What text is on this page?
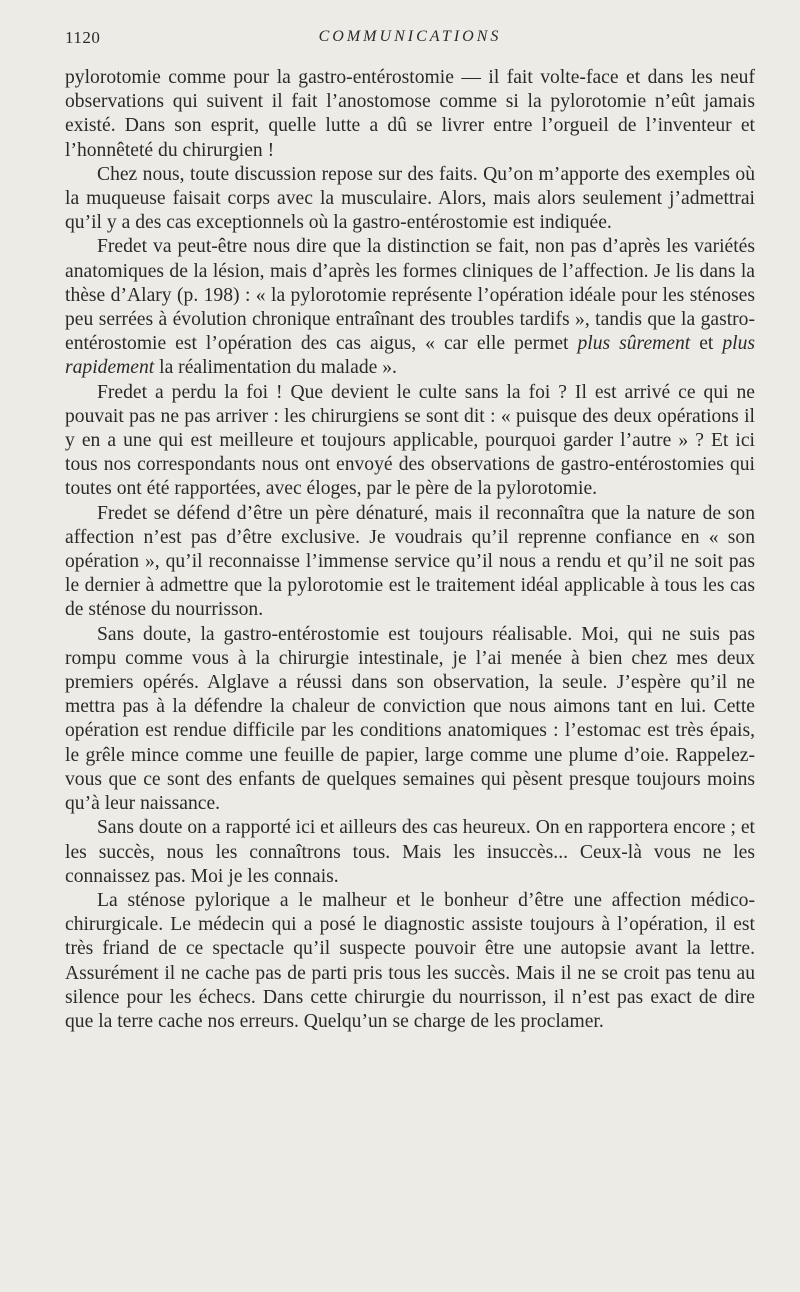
1120	COMMUNICATIONS

pylorotomie comme pour la gastro-entérostomie — il fait volte-face et dans les neuf observations qui suivent il fait l’anostomose comme si la pylorotomie n’eût jamais existé. Dans son esprit, quelle lutte a dû se livrer entre l’orgueil de l’inventeur et l’honnêteté du chirurgien !

Chez nous, toute discussion repose sur des faits. Qu’on m’apporte des exemples où la muqueuse faisait corps avec la musculaire. Alors, mais alors seulement j’admettrai qu’il y a des cas exceptionnels où la gastro-entérostomie est indiquée.

Fredet va peut-être nous dire que la distinction se fait, non pas d’après les variétés anatomiques de la lésion, mais d’après les formes cliniques de l’affection. Je lis dans la thèse d’Alary (p. 198) : « la pylorotomie représente l’opération idéale pour les sténoses peu serrées à évolution chronique entraînant des troubles tardifs », tandis que la gastro-entérostomie est l’opération des cas aigus, « car elle permet plus sûrement et plus rapidement la réalimentation du malade ».

Fredet a perdu la foi ! Que devient le culte sans la foi ? Il est arrivé ce qui ne pouvait pas ne pas arriver : les chirurgiens se sont dit : « puisque des deux opérations il y en a une qui est meilleure et toujours applicable, pourquoi garder l’autre » ? Et ici tous nos correspondants nous ont envoyé des observations de gastro-entérostomies qui toutes ont été rapportées, avec éloges, par le père de la pylorotomie.

Fredet se défend d’être un père dénaturé, mais il reconnaîtra que la nature de son affection n’est pas d’être exclusive. Je voudrais qu’il reprenne confiance en « son opération », qu’il reconnaisse l’immense service qu’il nous a rendu et qu’il ne soit pas le dernier à admettre que la pylorotomie est le traitement idéal applicable à tous les cas de sténose du nourrisson.

Sans doute, la gastro-entérostomie est toujours réalisable. Moi, qui ne suis pas rompu comme vous à la chirurgie intestinale, je l’ai menée à bien chez mes deux premiers opérés. Alglave a réussi dans son observation, la seule. J’espère qu’il ne mettra pas à la défendre la chaleur de conviction que nous aimons tant en lui. Cette opération est rendue difficile par les conditions anatomiques : l’estomac est très épais, le grêle mince comme une feuille de papier, large comme une plume d’oie. Rappelez-vous que ce sont des enfants de quelques semaines qui pèsent presque toujours moins qu’à leur naissance.

Sans doute on a rapporté ici et ailleurs des cas heureux. On en rapportera encore ; et les succès, nous les connaîtrons tous. Mais les insuccès... Ceux-là vous ne les connaissez pas. Moi je les connais.

La sténose pylorique a le malheur et le bonheur d’être une affection médico-chirurgicale. Le médecin qui a posé le diagnostic assiste toujours à l’opération, il est très friand de ce spectacle qu’il suspecte pouvoir être une autopsie avant la lettre. Assurément il ne cache pas de parti pris tous les succès. Mais il ne se croit pas tenu au silence pour les échecs. Dans cette chirurgie du nourrisson, il n’est pas exact de dire que la terre cache nos erreurs. Quelqu’un se charge de les proclamer.
